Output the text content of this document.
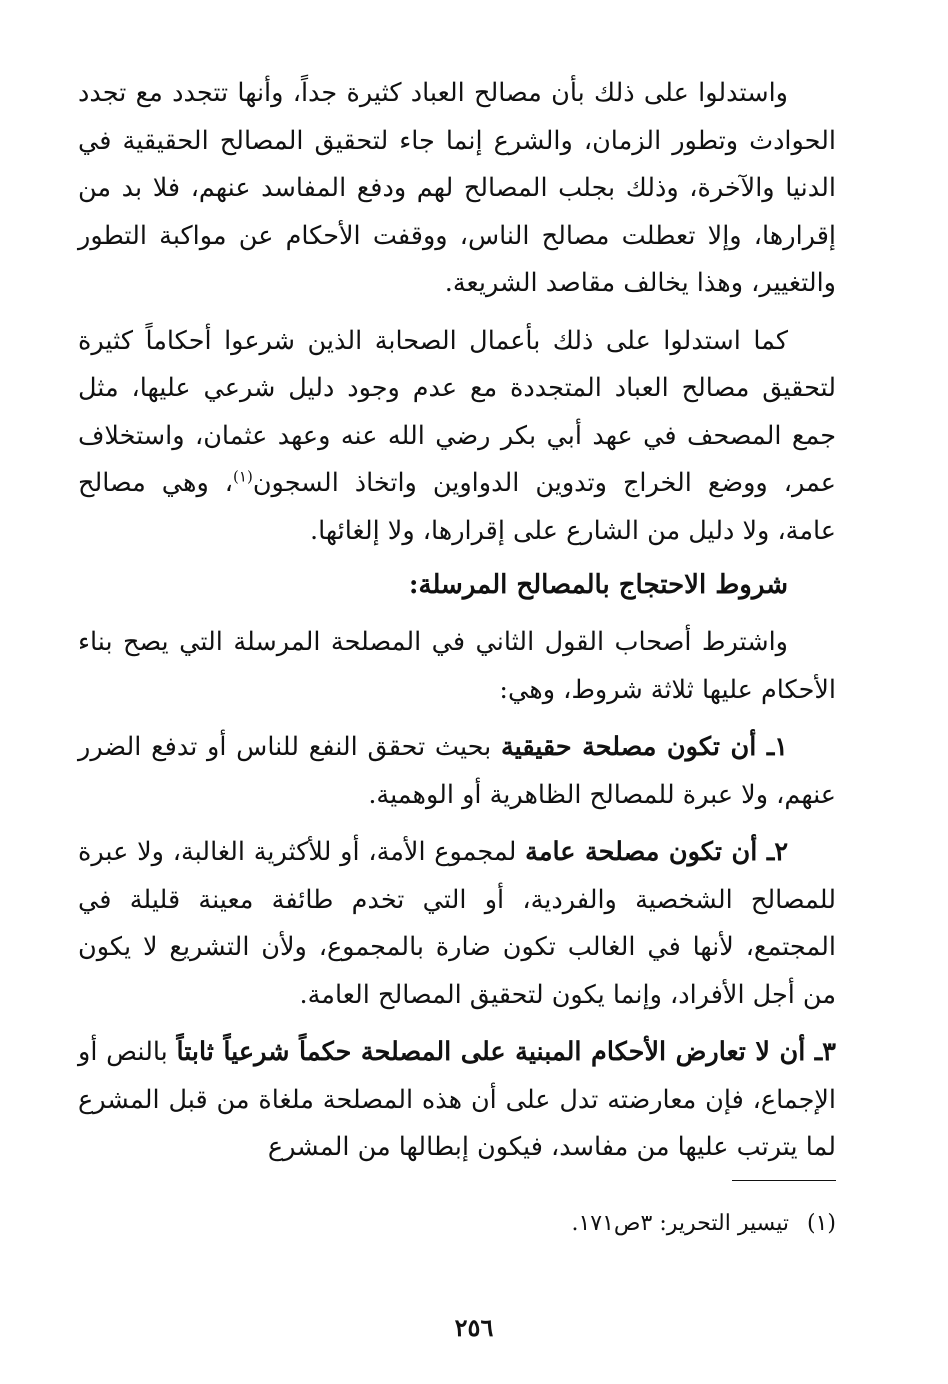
واستدلوا على ذلك بأن مصالح العباد كثيرة جداً، وأنها تتجدد مع تجدد الحوادث وتطور الزمان، والشرع إنما جاء لتحقيق المصالح الحقيقية في الدنيا والآخرة، وذلك بجلب المصالح لهم ودفع المفاسد عنهم، فلا بد من إقرارها، وإلا تعطلت مصالح الناس، ووقفت الأحكام عن مواكبة التطور والتغيير، وهذا يخالف مقاصد الشريعة.

كما استدلوا على ذلك بأعمال الصحابة الذين شرعوا أحكاماً كثيرة لتحقيق مصالح العباد المتجددة مع عدم وجود دليل شرعي عليها، مثل جمع المصحف في عهد أبي بكر رضي الله عنه وعهد عثمان، واستخلاف عمر، ووضع الخراج وتدوين الدواوين واتخاذ السجون$^{(١)}$، وهي مصالح عامة، ولا دليل من الشارع على إقرارها، ولا إلغائها.

شروط الاحتجاج بالمصالح المرسلة:

واشترط أصحاب القول الثاني في المصلحة المرسلة التي يصح بناء الأحكام عليها ثلاثة شروط، وهي:

١ـ أن تكون مصلحة حقيقية بحيث تحقق النفع للناس أو تدفع الضرر عنهم، ولا عبرة للمصالح الظاهرية أو الوهمية.

٢ـ أن تكون مصلحة عامة لمجموع الأمة، أو للأكثرية الغالبة، ولا عبرة للمصالح الشخصية والفردية، أو التي تخدم طائفة معينة قليلة في المجتمع، لأنها في الغالب تكون ضارة بالمجموع، ولأن التشريع لا يكون من أجل الأفراد، وإنما يكون لتحقيق المصالح العامة.

٣ـ أن لا تعارض الأحكام المبنية على المصلحة حكماً شرعياً ثابتاً بالنص أو الإجماع، فإن معارضته تدل على أن هذه المصلحة ملغاة من قبل المشرع لما يترتب عليها من مفاسد، فيكون إبطالها من المشرع

(١)تيسير التحرير: ٣ص١٧١.
٢٥٦
